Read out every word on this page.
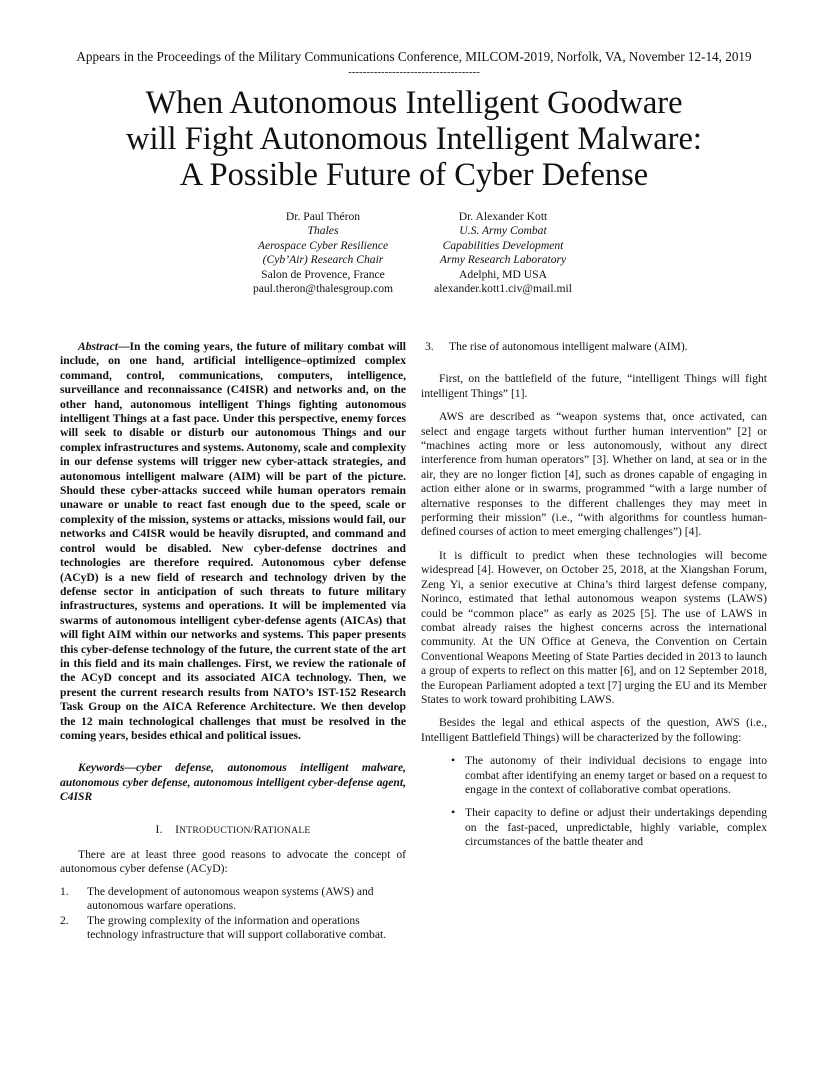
Appears in the Proceedings of the Military Communications Conference, MILCOM-2019, Norfolk, VA, November 12-14, 2019
------------------------------------
When Autonomous Intelligent Goodware
will Fight Autonomous Intelligent Malware:
A Possible Future of Cyber Defense
Dr. Paul Théron
Thales
Aerospace Cyber Resilience
(Cyb’Air) Research Chair
Salon de Provence, France
paul.theron@thalesgroup.com
Dr. Alexander Kott
U.S. Army Combat
Capabilities Development
Army Research Laboratory
Adelphi, MD USA
alexander.kott1.civ@mail.mil

Abstract—In the coming years, the future of military combat will include, on one hand, artificial intelligence–optimized complex command, control, communications, computers, intelligence, surveillance and reconnaissance (C4ISR) and networks and, on the other hand, autonomous intelligent Things fighting autonomous intelligent Things at a fast pace. Under this perspective, enemy forces will seek to disable or disturb our autonomous Things and our complex infrastructures and systems. Autonomy, scale and complexity in our defense systems will trigger new cyber-attack strategies, and autonomous intelligent malware (AIM) will be part of the picture. Should these cyber-attacks succeed while human operators remain unaware or unable to react fast enough due to the speed, scale or complexity of the mission, systems or attacks, missions would fail, our networks and C4ISR would be heavily disrupted, and command and control would be disabled. New cyber-defense doctrines and technologies are therefore required. Autonomous cyber defense (ACyD) is a new field of research and technology driven by the defense sector in anticipation of such threats to future military infrastructures, systems and operations. It will be implemented via swarms of autonomous intelligent cyber-defense agents (AICAs) that will fight AIM within our networks and systems. This paper presents this cyber-defense technology of the future, the current state of the art in this field and its main challenges. First, we review the rationale of the ACyD concept and its associated AICA technology. Then, we present the current research results from NATO’s IST-152 Research Task Group on the AICA Reference Architecture. We then develop the 12 main technological challenges that must be resolved in the coming years, besides ethical and political issues.

Keywords—cyber defense, autonomous intelligent malware, autonomous cyber defense, autonomous intelligent cyber-defense agent, C4ISR

I. INTRODUCTION/RATIONALE

There are at least three good reasons to advocate the concept of autonomous cyber defense (ACyD):

1. The development of autonomous weapon systems (AWS) and autonomous warfare operations.
2. The growing complexity of the information and operations technology infrastructure that will support collaborative combat.
3. The rise of autonomous intelligent malware (AIM).

First, on the battlefield of the future, “intelligent Things will fight intelligent Things” [1].

AWS are described as “weapon systems that, once activated, can select and engage targets without further human intervention” [2] or “machines acting more or less autonomously, without any direct interference from human operators” [3]. Whether on land, at sea or in the air, they are no longer fiction [4], such as drones capable of engaging in action either alone or in swarms, programmed “with a large number of alternative responses to the different challenges they may meet in performing their mission” (i.e., “with algorithms for countless human-defined courses of action to meet emerging challenges”) [4].

It is difficult to predict when these technologies will become widespread [4]. However, on October 25, 2018, at the Xiangshan Forum, Zeng Yi, a senior executive at China’s third largest defense company, Norinco, estimated that lethal autonomous weapon systems (LAWS) could be “common place” as early as 2025 [5]. The use of LAWS in combat already raises the highest concerns across the international community. At the UN Office at Geneva, the Convention on Certain Conventional Weapons Meeting of State Parties decided in 2013 to launch a group of experts to reflect on this matter [6], and on 12 September 2018, the European Parliament adopted a text [7] urging the EU and its Member States to work toward prohibiting LAWS.

Besides the legal and ethical aspects of the question, AWS (i.e., Intelligent Battlefield Things) will be characterized by the following:

• The autonomy of their individual decisions to engage into combat after identifying an enemy target or based on a request to engage in the context of collaborative combat operations.
• Their capacity to define or adjust their undertakings depending on the fast-paced, unpredictable, highly variable, complex circumstances of the battle theater and
